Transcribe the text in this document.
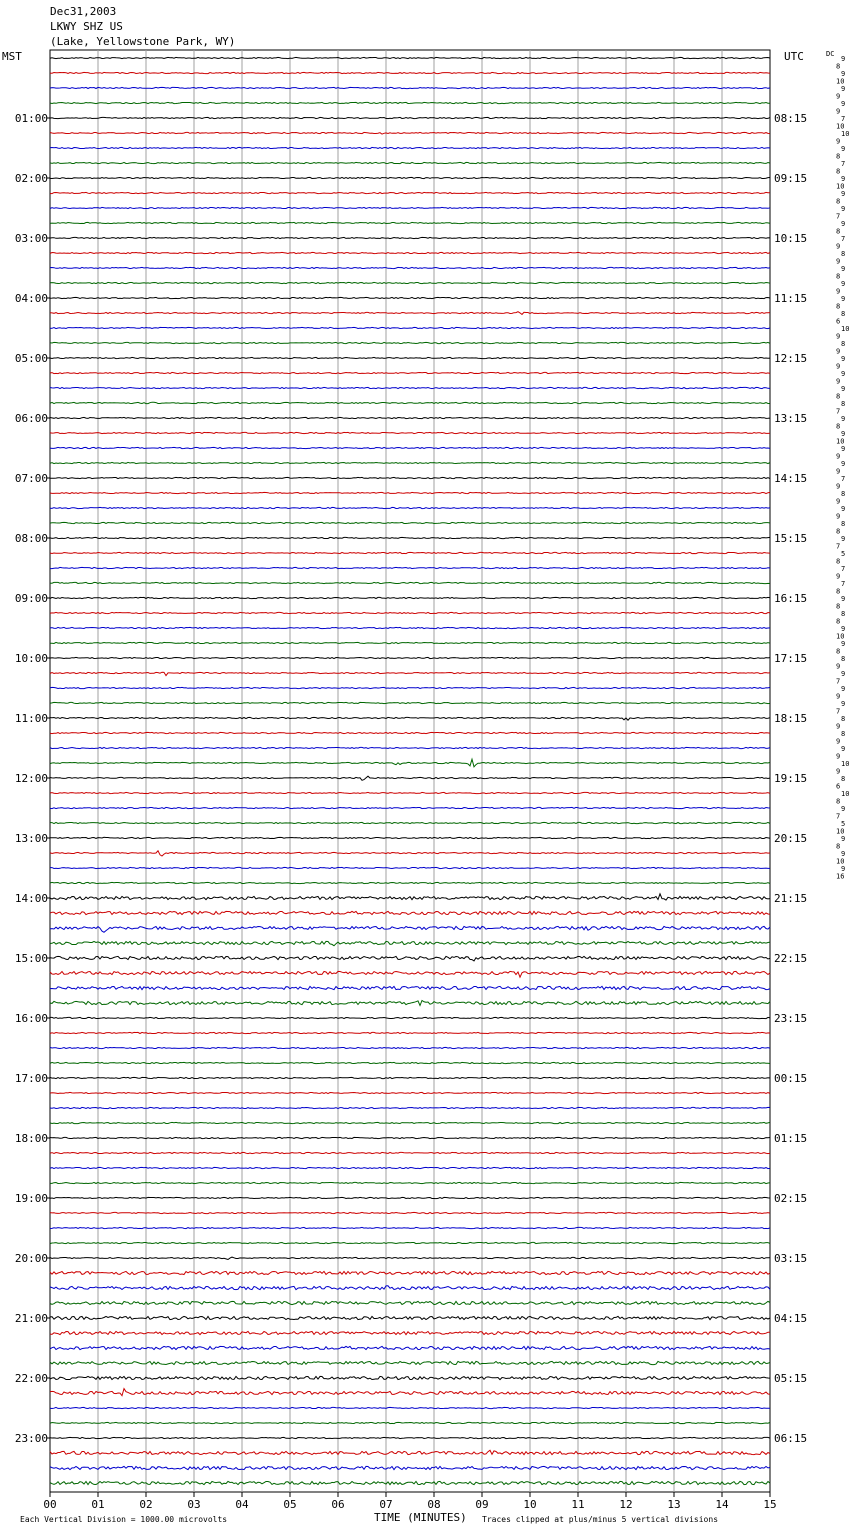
Dec31,2003
LKWY SHZ US
(Lake, Yellowstone Park, WY)
MST	UTC	DC
00	01	02	03	04	05	06	07	08	09	10	11	12	13	14	15
01:00
02:00
03:00
04:00
05:00
06:00
07:00
08:00
09:00
10:00
11:00
12:00
13:00
14:00
15:00
16:00
17:00
18:00
19:00
20:00
21:00
22:00
23:00
08:15
09:15
10:15
11:15
12:15
13:15
14:15
15:15
16:15
17:15
18:15
19:15
20:15
21:15
22:15
23:15
00:15
01:15
02:15
03:15
04:15
05:15
06:15
9
8
9
10
9
9
9
9
7
10
10
9
9
8
7
8
9
10
9
8
9
7
9
8
7
9
8
9
9
8
9
9
9
8
8
6
10
9
8
9
9
9
9
9
9
8
8
7
9
8
9
10
9
9
9
9
7
9
8
9
9
9
8
8
9
7
5
8
7
9
7
8
9
8
8
8
9
10
9
8
8
9
9
7
9
9
9
7
8
9
8
9
9
9
10
9
8
6
10
8
9
7
5
10
9
8
9
10
9
16
Each Vertical Division = 1000.00 microvolts	TIME (MINUTES) Traces clipped at plus/minus 5 vertical divisions
